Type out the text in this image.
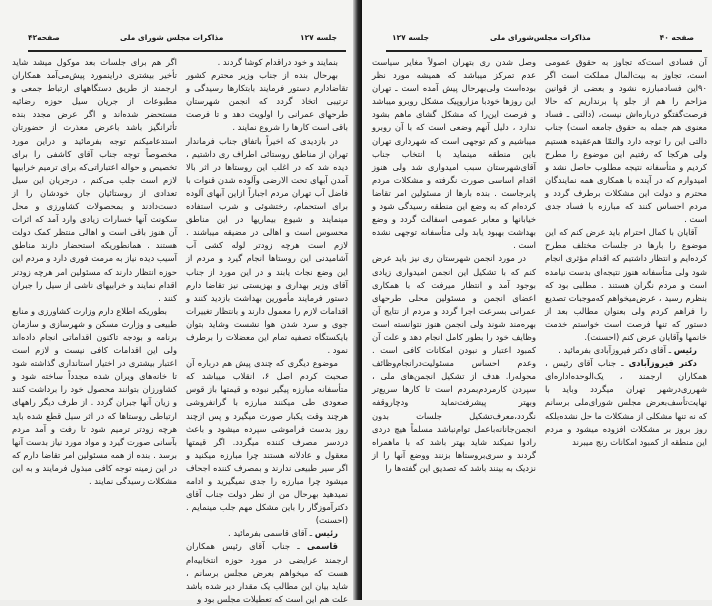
صفحه۴۲	مذاکرات مجلس شورای ملی	جلسه ۱۲۷

بنمایند و خود دراقدام کوشا گردند .

بهرحال بنده از جناب وزیر محترم کشور تقاضادارم دستور فرمایند بابتکارها رسیدگی و ترتیبی اتخاذ گردد که انجمن شهرستان طرحهای عمرانی را اولویت دهد و تا فرصت باقی است کارها را شروع نمایند .

در بازدیدی که اخیراً باتفاق جناب فرماندار تهران از مناطق روستائی اطراف ری داشتیم ، دیده شد که در اغلب این روستاها در اثر بالا آمدن آبهای تحت الارضی وآلوده شدن قنوات با فاضل آب تهران مردم اجباراً ازاین آبهای آلوده برای استحمام، رختشوئی و شرب استفاده مینمایند و شیوع بیماریها در این مناطق محسوس است و اهالی در مضیقه میباشند . لازم است هرچه زودتر لوله کشی آب آشامیدنی این روستاها انجام گیرد و مردم از این وضع نجات یابند و در این مورد از جناب آقای وزیر بهداری و بهزیستی نیز تقاضا دارم دستور فرمایند مأمورین بهداشت بازدید کنند و اقدامات لازم را معمول دارند و بانتظار تغییرات جوی و سرد شدن هوا نشست وشاید بتوان بایکستگاه تصفیه تمام این معضلات را برطرف نمود .

موضوع دیگری که چندی پیش هم درباره آن صحبت کردم اصل ۶، انقلاب میباشد که متأسفانه مبارزه پیگیر نبوده و قیمتها باز قوس صعودی طی میکنند مبارزه با گرانفروشی هرچند وقت یکبار صورت میگیرد و پس ازچند روز بدست فراموشی سپرده میشود و باعث دردسر مصرف کننده میگردد. اگر قیمتها معقول و عادلانه هستند چرا مبارزه میکنید و اگر سیر طبیعی ندارند و بمصرف کننده اجحاف میشود چرا مبارزه را جدی نمیگیرید و ادامه نمیدهید بهرحال من از نظر دولت جناب آقای دکترآموزگار را باین مشکل مهم جلب مینمایم . (احسنت)

رئیس ـ آقای قاسمی بفرمائید .

قاسمی ـ جناب آقای رئیس همکاران ارجمند عرایضی در مورد حوزه انتخابیه‌ام هست که میخواهم بعرض مجلس برسانم ، شاید بیان این مطالب یک مقدار دیر شده باشد علت هم این است که تعطیلات مجلس بود و

اگر هم برای جلسات بعد موکول میشد شاید تأخیر بیشتری دراینمورد پیش‌می‌آمد همکاران ارجمند از طریق دستگاههای ارتباط جمعی و مطبوعات از جریان سیل حوزه رضائیه مستحضر شده‌اند و اگر عرض مجدد بنده تأثرانگیز باشد باعرض معذرت از حضورتان استدعامیکنم توجه بفرمائید و دراین مورد مخصوصاً توجه جناب آقای کاشفی را برای تخصیص و حواله اعتباراتی‌که برای ترمیم خرابیها لازم است جلب می‌کنم ، درجریان این سیل تعدادی از روستائیان جان خودشان را از دست‌دادند و بمحصولات کشاورزی و محل سکونت آنها خسارات زیادی وارد آمد که اثرات آن هنوز باقی است و اهالی منتظر کمک دولت هستند . همانطوریکه استحضار دارند مناطق آسیب دیده نیاز به مرمت فوری دارد و مردم این حوزه انتظار دارند که مسئولین امر هرچه زودتر اقدام نمایند و خرابیهای ناشی از سیل را جبران کنند .

بطوریکه اطلاع دارم وزارت کشاورزی و منابع طبیعی و وزارت مسکن و شهرسازی و سازمان برنامه و بودجه تاکنون اقداماتی انجام داده‌اند ولی این اقدامات کافی نیست و لازم است اعتبار بیشتری در اختیار استانداری گذاشته شود تا خانه‌های ویران شده مجدداً ساخته شود و کشاورزان بتوانند محصول خود را برداشت کنند و زیان آنها جبران گردد . از طرف دیگر راههای ارتباطی روستاها که در اثر سیل قطع شده باید هرچه زودتر ترمیم شود تا رفت و آمد مردم بآسانی صورت گیرد و مواد مورد نیاز بدست آنها برسد . بنده از همه مسئولین امر تقاضا دارم که در این زمینه توجه کافی مبذول فرمایند و به این مشکلات رسیدگی نمایند .

صفحه ۴۰
مذاکرات مجلس‌شورای ملی
جلسه ۱۲۷

آن فسادی است‌که تجاوز به حقوق عمومی است، تجاوز به بیت‌المال مملکت است اگر ۹۰این فسادمبارزه نشود و بعضی از قوانین مزاحم را هم از جلو پا برنداریم که حالا فرصت‌گفتگو درباره‌اش نیست، (دالتی ـ فساد معنوی هم جمله به حقوق جامعه است) جناب دالتی این را توجه دارد والتمّا هم‌عقیده هستیم ولی هرکجا که رفتیم این موضوع را مطرح کردیم و متأسفانه نتیجه مطلوب حاصل نشد و امیدوارم که در آینده با همکاری همه نمایندگان محترم و دولت این مشکلات برطرف گردد و مردم احساس کنند که مبارزه با فساد جدی است .

آقایان با کمال احترام باید عرض کنم که این موضوع را بارها در جلسات مختلف مطرح کرده‌ایم و انتظار داشتیم که اقدام مؤثری انجام شود ولی متأسفانه هنوز نتیجه‌ای بدست نیامده است و مردم نگران هستند . مطلبی بود که بنظرم رسید ، عرض‌میخواهم که‌موجبات تصدیع را فراهم کردم ولی بعنوان مطالب بعد از دستور که تنها فرصت است خواستم خدمت خانمها وآقایان عرض کنم (احسنت).

رئیس ـ آقای دکتر فیروزآبادی بفرمائید .

دکتر فیروزآبادی ـ جناب آقای رئیس ، همکاران ارجمند ، یک‌الوحده‌اداره‌ای شهرری‌درشهر تهران میگردد وباید با نهایت‌تأسف‌بعرض مجلس شورای‌ملی برسانم که نه تنها مشکلی از مشکلات ما حل نشده‌بلکه روز بروز بر مشکلات افزوده میشود و مردم این منطقه از کمبود امکانات رنج میبرند

وصل شدن ری بتهران اصولاً مغایر سیاست عدم تمرکز میباشد که همیشه مورد نظر بوده‌است ولی‌بهرحال پیش آمده است ـ تهران این روزها خودبا مزاروپیک مشکل روبرو میباشد و فرصت این‌را که مشکل گشای ماهم بشود ندارد ، دلیل آنهم وضعی است که با آن روبرو میباشیم و کم توجهی است که شهرداری تهران باین منطقه مینماید با انتخاب جناب آقای‌شهرستان سبب امیدواری شد ولی هنوز اقدام اساسی صورت نگرفته و مشکلات مردم پابرجاست . بنده بارها از مسئولین امر تقاضا کرده‌ام که به وضع این منطقه رسیدگی شود و خیابانها و معابر عمومی اسفالت گردد و وضع بهداشت بهبود یابد ولی متأسفانه توجهی نشده است .

در مورد انجمن شهرستان ری نیز باید عرض کنم که با تشکیل این انجمن امیدواری زیادی بوجود آمد و انتظار میرفت که با همکاری اعضای انجمن و مسئولین محلی طرحهای عمرانی بسرعت اجرا گردد و مردم از نتایج آن بهره‌مند شوند ولی انجمن هنوز نتوانسته است وظایف خود را بطور کامل انجام دهد و علت آن کمبود اعتبار و نبودن امکانات کافی است . وعدم احساس مسئولیت‌درانجام‌وظائف محوله‌را. هدف از تشکیل انجمن‌های ملی ، سپردن کارمردم‌بمردم است تا کارها سریع‌تر وبهتر پیشرفت‌نماید ودچاروقفه نگردد،معرف‌تشکیل جلسات بدون انجمن‌جانانه‌باعمل توام‌نباشد مسلماً هیچ دردی رادوا نمیکند شاید بهتر باشد که با ماهمراه گردند و سری‌بروستاها بزنند ووضع آنها را از نزدیک به بینند باشد که تصدیق این گفته‌ها را
